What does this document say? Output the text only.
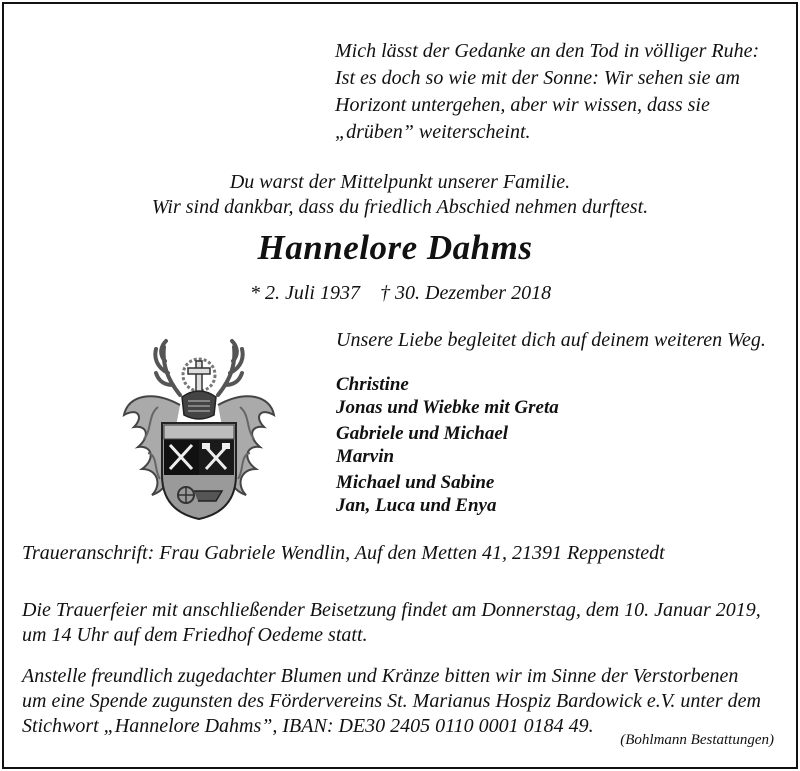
Mich lässt der Gedanke an den Tod in völliger Ruhe:
Ist es doch so wie mit der Sonne: Wir sehen sie am
Horizont untergehen, aber wir wissen, dass sie
„drüben” weiterscheint.
Du warst der Mittelpunkt unserer Familie.
Wir sind dankbar, dass du friedlich Abschied nehmen durftest.
Hannelore Dahms
* 2. Juli 1937 † 30. Dezember 2018
Unsere Liebe begleitet dich auf deinem weiteren Weg.
Christine
Jonas und Wiebke mit Greta
Gabriele und Michael
Marvin
Michael und Sabine
Jan, Luca und Enya
Traueranschrift: Frau Gabriele Wendlin, Auf den Metten 41, 21391 Reppenstedt
Die Trauerfeier mit anschließender Beisetzung findet am Donnerstag, dem 10. Januar 2019,
um 14 Uhr auf dem Friedhof Oedeme statt.
Anstelle freundlich zugedachter Blumen und Kränze bitten wir im Sinne der Verstorbenen
um eine Spende zugunsten des Fördervereins St. Marianus Hospiz Bardowick e.V. unter dem
Stichwort „Hannelore Dahms”, IBAN: DE30 2405 0110 0001 0184 49.
(Bohlmann Bestattungen)
